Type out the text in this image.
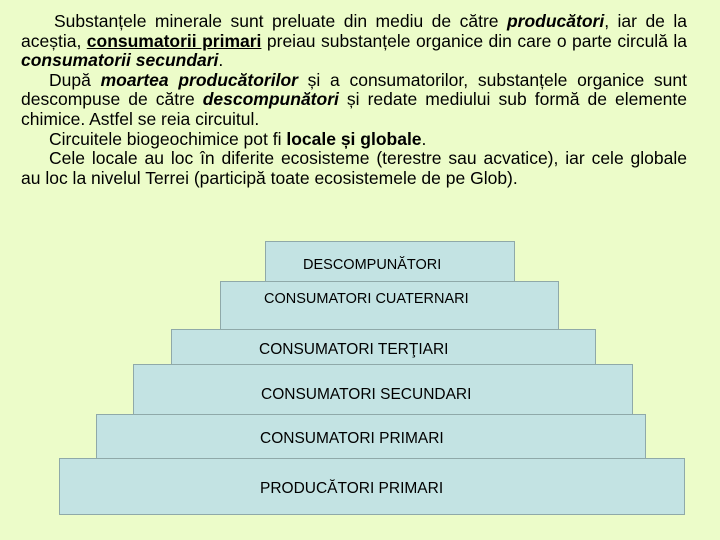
Substanțele minerale sunt preluate din mediu de către producători, iar de la aceștia, consumatorii primari preiau substanțele organice din care o parte circulă la consumatorii secundari.

După moartea producătorilor și a consumatorilor, substanțele organice sunt descompuse de către descompunători și redate mediului sub formă de elemente chimice. Astfel se reia circuitul.

Circuitele biogeochimice pot fi locale și globale.

Cele locale au loc în diferite ecosisteme (terestre sau acvatice), iar cele globale au loc la nivelul Terrei (participă toate ecosistemele de pe Glob).

DESCOMPUNĂTORI
CONSUMATORI CUATERNARI
CONSUMATORI TERŢIARI
CONSUMATORI SECUNDARI
CONSUMATORI PRIMARI
PRODUCĂTORI PRIMARI
